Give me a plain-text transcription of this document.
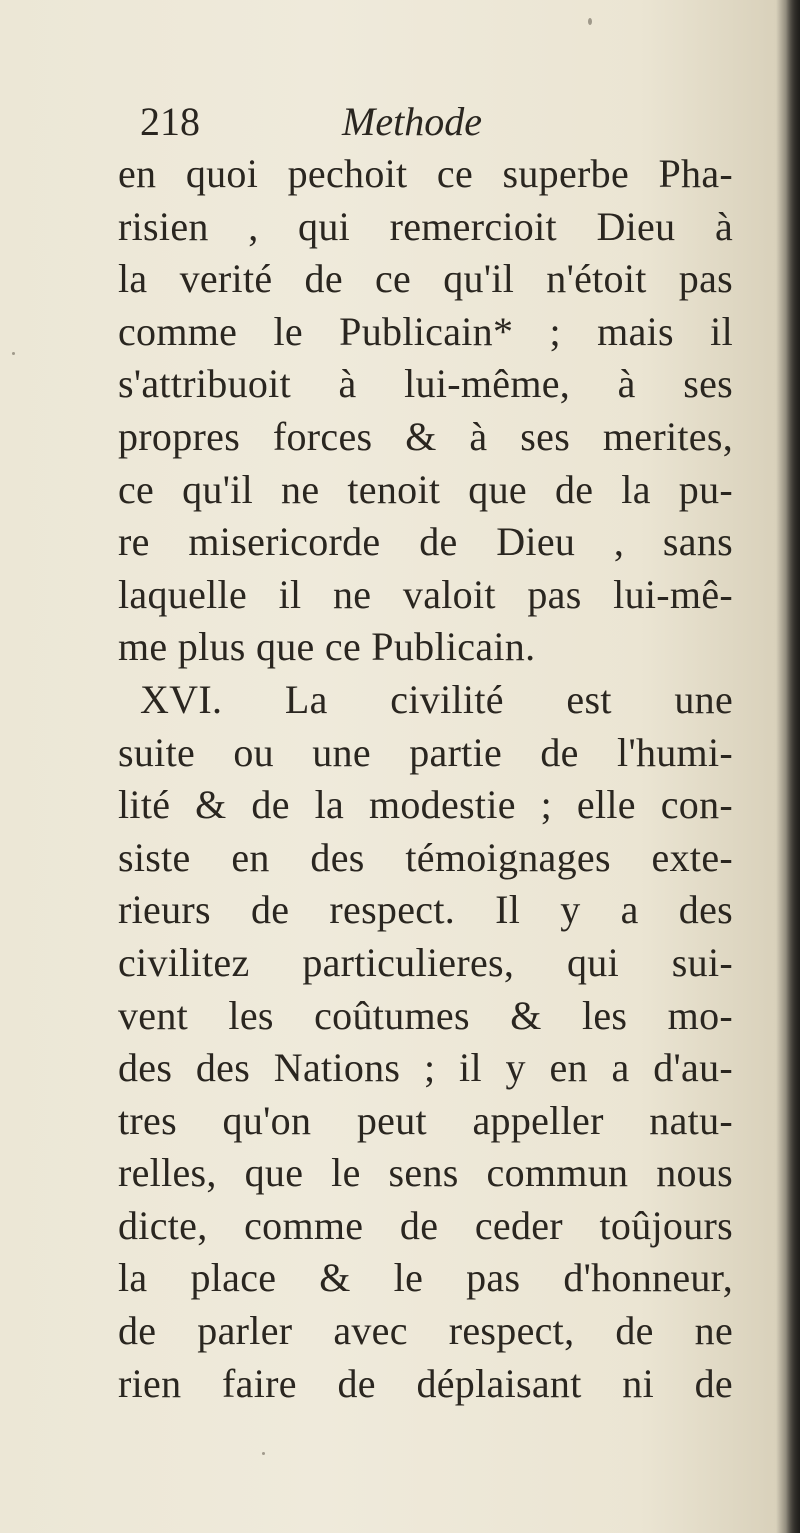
218	Methode
en quoi pechoit ce superbe Pha-
risien , qui remercioit Dieu à
la verité de ce qu'il n'étoit pas
comme le Publicain* ; mais il
s'attribuoit à lui-même, à ses
propres forces & à ses merites,
ce qu'il ne tenoit que de la pu-
re misericorde de Dieu , sans
laquelle il ne valoit pas lui-mê-
me plus que ce Publicain.
XVI. La civilité est une
suite ou une partie de l'humi-
lité & de la modestie ; elle con-
siste en des témoignages exte-
rieurs de respect. Il y a des
civilitez particulieres, qui sui-
vent les coûtumes & les mo-
des des Nations ; il y en a d'au-
tres qu'on peut appeller natu-
relles, que le sens commun nous
dicte, comme de ceder toûjours
la place & le pas d'honneur,
de parler avec respect, de ne
rien faire de déplaisant ni de
